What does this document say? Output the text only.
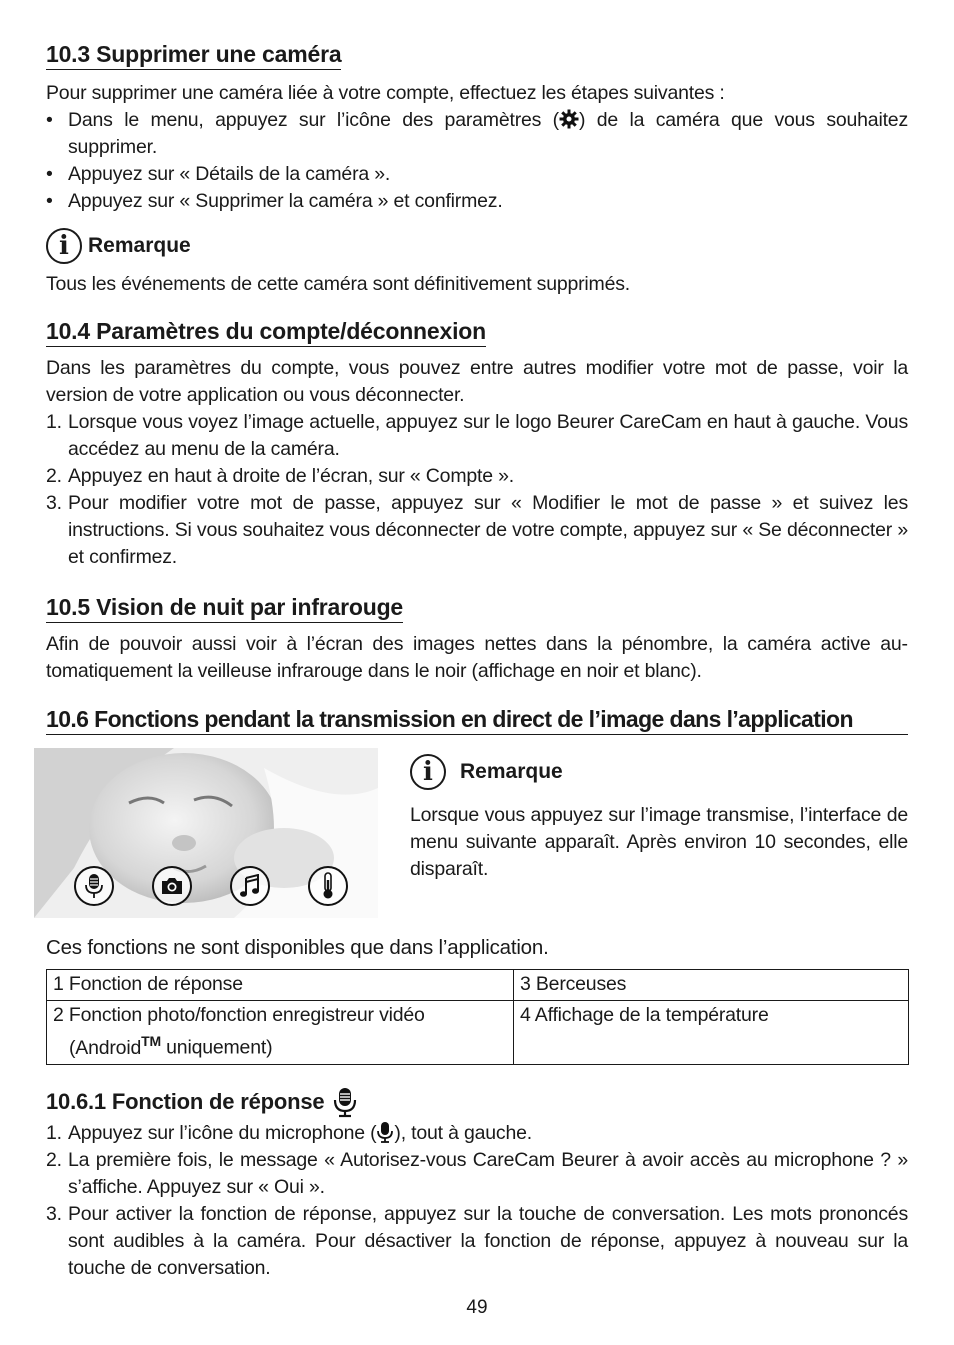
10.3 Supprimer une caméra

Pour supprimer une caméra liée à votre compte, effectuez les étapes suivantes :

• Dans le menu, appuyez sur l’icône des paramètres ( ) de la caméra que vous souhaitez supprimer.
• Appuyez sur « Détails de la caméra ».
• Appuyez sur « Supprimer la caméra » et confirmez.
i Remarque

Tous les événements de cette caméra sont définitivement supprimés.

10.4 Paramètres du compte/déconnexion

Dans les paramètres du compte, vous pouvez entre autres modifier votre mot de passe, voir la version de votre application ou vous déconnecter.

1. Lorsque vous voyez l’image actuelle, appuyez sur le logo Beurer CareCam en haut à gauche. Vous accédez au menu de la caméra.
2. Appuyez en haut à droite de l’écran, sur « Compte ».
3. Pour modifier votre mot de passe, appuyez sur « Modifier le mot de passe » et suivez les instructions. Si vous souhaitez vous déconnecter de votre compte, appuyez sur « Se déconnecter » et confirmez.
10.5 Vision de nuit par infrarouge

Afin de pouvoir aussi voir à l’écran des images nettes dans la pénombre, la caméra active automatiquement la veilleuse infrarouge dans le noir (affichage en noir et blanc).

10.6 Fonctions pendant la transmission en direct de l’image dans l’application
i	Remarque

Lorsque vous appuyez sur l’image transmise, l’interface de menu suivante apparaît. Après environ 10 secondes, elle disparaît.

Ces fonctions ne sont disponibles que dans l’application.

1 Fonction de réponse	3 Berceuses
2 Fonction photo/fonction enregistreur vidéo
(Android™ uniquement)	4 Affichage de la température
10.6.1 Fonction de réponse
1. Appuyez sur l’icône du microphone ( ), tout à gauche.
2. La première fois, le message « Autorisez-vous CareCam Beurer à avoir accès au microphone ? » s’affiche. Appuyez sur « Oui ».
3. Pour activer la fonction de réponse, appuyez sur la touche de conversation. Les mots prononcés sont audibles à la caméra. Pour désactiver la fonction de réponse, appuyez à nouveau sur la touche de conversation.
49
